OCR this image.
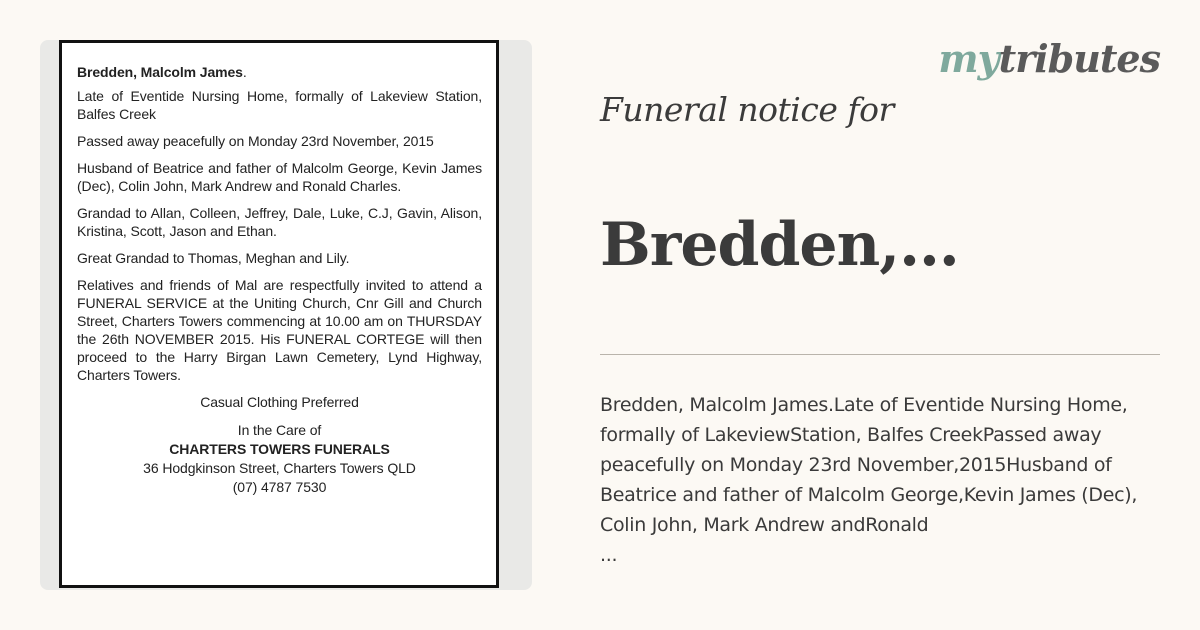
Bredden, Malcolm James.

Late of Eventide Nursing Home, formally of Lakeview Station, Balfes Creek

Passed away peacefully on Monday 23rd November, 2015

Husband of Beatrice and father of Malcolm George, Kevin James (Dec), Colin John, Mark Andrew and Ronald Charles.

Grandad to Allan, Colleen, Jeffrey, Dale, Luke, C.J, Gavin, Alison, Kristina, Scott, Jason and Ethan.

Great Grandad to Thomas, Meghan and Lily.

Relatives and friends of Mal are respectfully invited to attend a FUNERAL SERVICE at the Uniting Church, Cnr Gill and Church Street, Charters Towers commencing at 10.00 am on THURSDAY the 26th NOVEMBER 2015. His FUNERAL CORTEGE will then proceed to the Harry Birgan Lawn Cemetery, Lynd Highway, Charters Towers.

Casual Clothing Preferred

In the Care of
CHARTERS TOWERS FUNERALS
36 Hodgkinson Street, Charters Towers QLD
(07) 4787 7530
mytributes
Funeral notice for
Bredden,...
Bredden, Malcolm James.Late of Eventide Nursing Home, formally of LakeviewStation, Balfes CreekPassed away peacefully on Monday 23rd November,2015Husband of Beatrice and father of Malcolm George,Kevin James (Dec), Colin John, Mark Andrew andRonald
...
